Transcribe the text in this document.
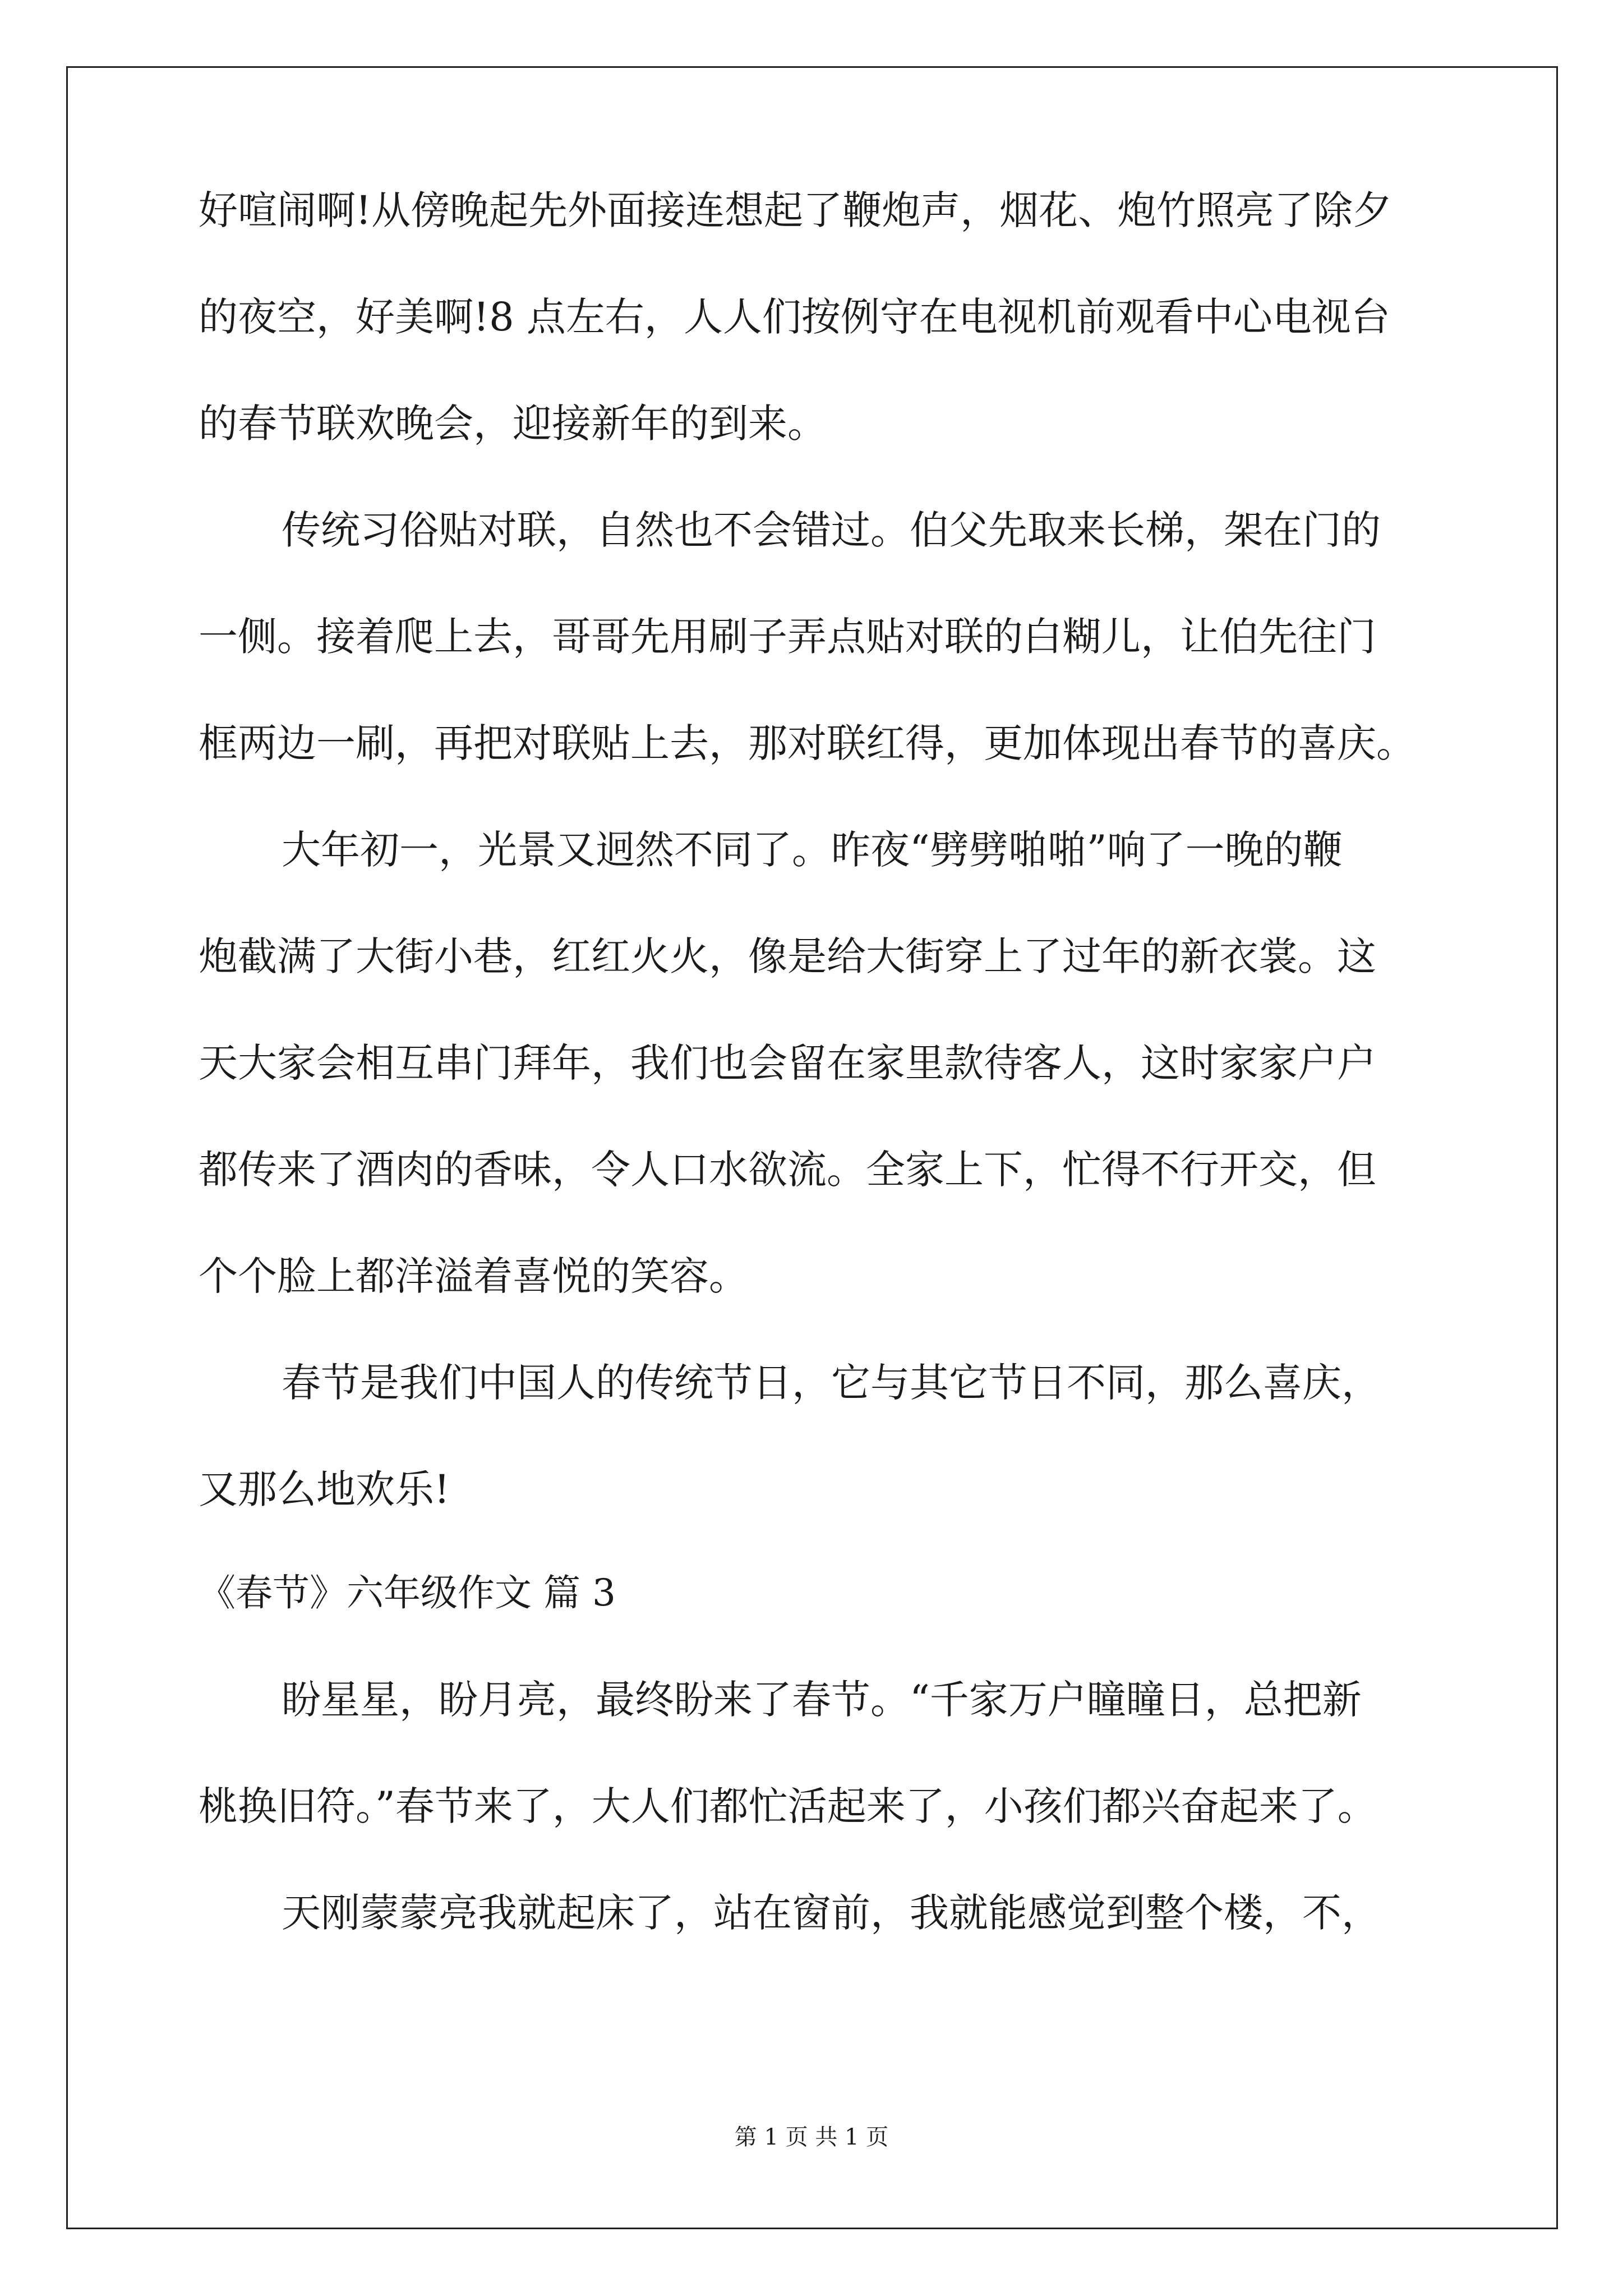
好喧闹啊!从傍晚起先外面接连想起了鞭炮声，烟花、炮竹照亮了除夕
的夜空，好美啊!8 点左右，人人们按例守在电视机前观看中心电视台
的春节联欢晚会，迎接新年的到来。
传统习俗贴对联，自然也不会错过。伯父先取来长梯，架在门的
一侧。接着爬上去，哥哥先用刷子弄点贴对联的白糊儿，让伯先往门
框两边一刷，再把对联贴上去，那对联红得，更加体现出春节的喜庆。
大年初一，光景又迥然不同了。昨夜“劈劈啪啪”响了一晚的鞭
炮截满了大街小巷，红红火火，像是给大街穿上了过年的新衣裳。这
天大家会相互串门拜年，我们也会留在家里款待客人，这时家家户户
都传来了酒肉的香味，令人口水欲流。全家上下，忙得不行开交，但
个个脸上都洋溢着喜悦的笑容。
春节是我们中国人的传统节日，它与其它节日不同，那么喜庆，
又那么地欢乐!
《春节》六年级作文 篇 3
盼星星，盼月亮，最终盼来了春节。“千家万户瞳瞳日，总把新
桃换旧符。”春节来了，大人们都忙活起来了，小孩们都兴奋起来了。
天刚蒙蒙亮我就起床了，站在窗前，我就能感觉到整个楼，不，
第 1 页 共 1 页
